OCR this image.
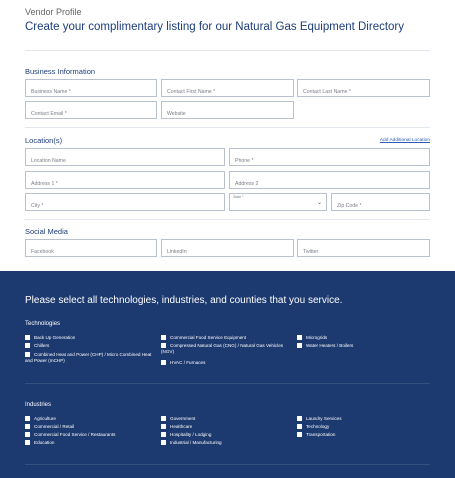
Vendor Profile
Create your complimentary listing for our Natural Gas Equipment Directory
Business Information
Business Name *
Contact First Name *
Contact Last Name *
Contact Email *
Website
Location(s)	Add Additional Location
Location Name
Phone *
Address 1 *
Address 2
City *
State *
⌄
Zip Code *
Social Media
Facebook
LinkedIn
Twitter
Please select all technologies, industries, and counties that you service.
Technologies
Back Up Generation
Chillers
Combined Heat and Power (CHP) / Micro Combined Heat and Power (mCHP)
Commercial Food Service Equipment
Compressed Natural Gas (CNG) / Natural Gas Vehicles (NGV)
HVAC / Furnaces
Microgrids
Water Heaters / Boilers
Industries
Agriculture
Commercial / Retail
Commercial Food Service / Restaurants
Education
Government
Healthcare
Hospitality / Lodging
Industrial / Manufacturing
Laundry Services
Technology
Transportation
